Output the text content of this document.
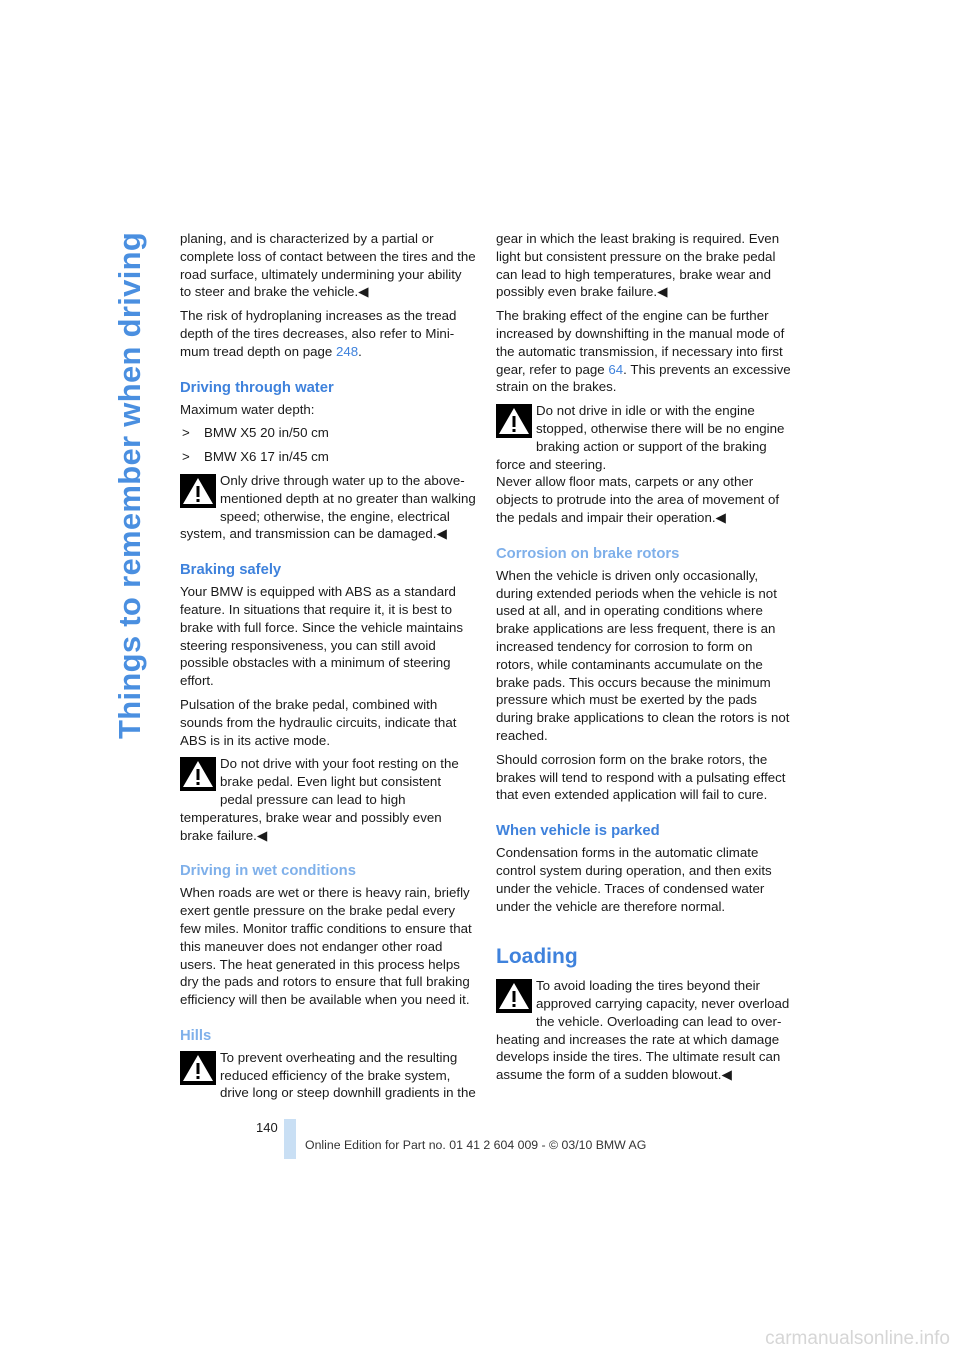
Things to remember when driving	planing, and is characterized by a partial or complete loss of contact between the tires and the road surface, ultimately undermining your ability to steer and brake the vehicle.◀

The risk of hydroplaning increases as the tread depth of the tires decreases, also refer to Minimum tread depth on page 248.

Driving through water

Maximum water depth:

>	BMW X5 20 in/50 cm
>	BMW X6 17 in/45 cm
Only drive through water up to the above-mentioned depth at no greater than walking speed; otherwise, the engine, electrical system, and transmission can be damaged.◀
Braking safely

Your BMW is equipped with ABS as a standard feature. In situations that require it, it is best to brake with full force. Since the vehicle maintains steering responsiveness, you can still avoid possible obstacles with a minimum of steering effort.

Pulsation of the brake pedal, combined with sounds from the hydraulic circuits, indicate that ABS is in its active mode.

Do not drive with your foot resting on the brake pedal. Even light but consistent pedal pressure can lead to high temperatures, brake wear and possibly even brake failure.◀
Driving in wet conditions

When roads are wet or there is heavy rain, briefly exert gentle pressure on the brake pedal every few miles. Monitor traffic conditions to ensure that this maneuver does not endanger other road users. The heat generated in this process helps dry the pads and rotors to ensure that full braking efficiency will then be available when you need it.

Hills
To prevent overheating and the resulting reduced efficiency of the brake system, drive long or steep downhill gradients in the

gear in which the least braking is required. Even light but consistent pressure on the brake pedal can lead to high temperatures, brake wear and possibly even brake failure.◀

The braking effect of the engine can be further increased by downshifting in the manual mode of the automatic transmission, if necessary into first gear, refer to page 64. This prevents an excessive strain on the brakes.

Do not drive in idle or with the engine stopped, otherwise there will be no engine braking action or support of the braking force and steering.
Never allow floor mats, carpets or any other objects to protrude into the area of movement of the pedals and impair their operation.◀
Corrosion on brake rotors

When the vehicle is driven only occasionally, during extended periods when the vehicle is not used at all, and in operating conditions where brake applications are less frequent, there is an increased tendency for corrosion to form on rotors, while contaminants accumulate on the brake pads. This occurs because the minimum pressure which must be exerted by the pads during brake applications to clean the rotors is not reached.

Should corrosion form on the brake rotors, the brakes will tend to respond with a pulsating effect that even extended application will fail to cure.

When vehicle is parked

Condensation forms in the automatic climate control system during operation, and then exits under the vehicle. Traces of condensed water under the vehicle are therefore normal.

Loading
To avoid loading the tires beyond their approved carrying capacity, never overload the vehicle. Overloading can lead to overheating and increases the rate at which damage develops inside the tires. The ultimate result can assume the form of a sudden blowout.◀
140
Online Edition for Part no. 01 41 2 604 009 - © 03/10 BMW AG
carmanualsonline.info
